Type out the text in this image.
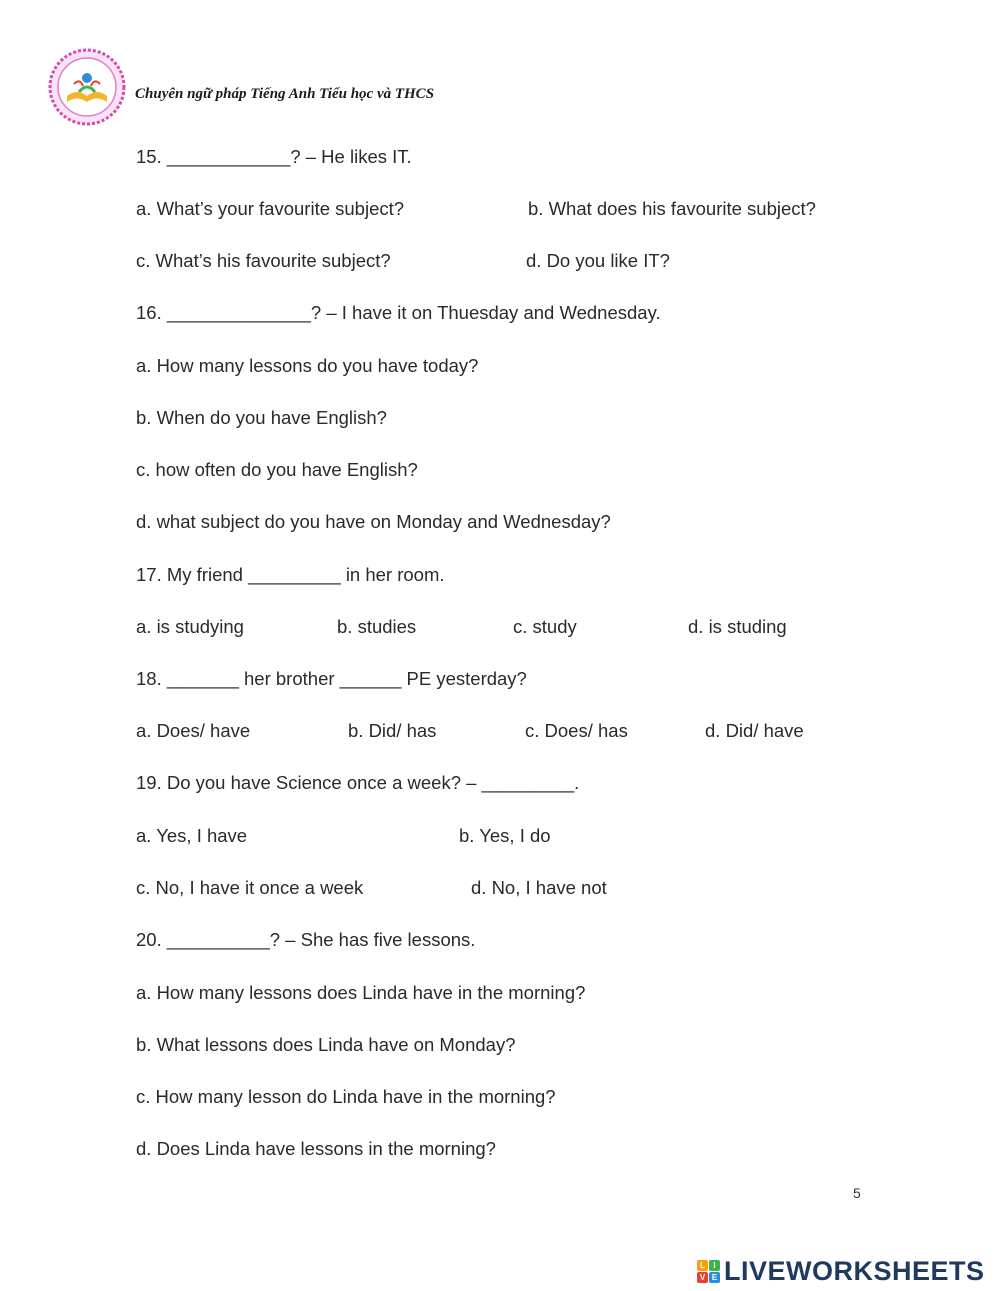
Chuyên ngữ pháp Tiếng Anh Tiểu học và THCS
15. ____________? – He likes IT.
a. What’s your favourite subject?	b. What does his favourite subject?
c. What’s his favourite subject?	d. Do you like IT?
16. ______________? – I have it on Thuesday and Wednesday.
a. How many lessons do you have today?
b. When do you have English?
c. how often do you have English?
d. what subject do you have on Monday and Wednesday?
17. My friend _________ in her room.
a. is studying	b. studies	c. study	d. is studing
18. _______ her brother ______ PE yesterday?
a. Does/ have	b. Did/ has	c. Does/ has	d. Did/ have
19. Do you have Science once a week? – _________.
a. Yes, I have	b. Yes, I do
c. No, I have it once a week	d. No, I have not
20. __________? – She has five lessons.
a. How many lessons does Linda have in the morning?
b. What lessons does Linda have on Monday?
c. How many lesson do Linda have in the morning?
d. Does Linda have lessons in the morning?
5
L	I
V E LIVEWORKSHEETS
